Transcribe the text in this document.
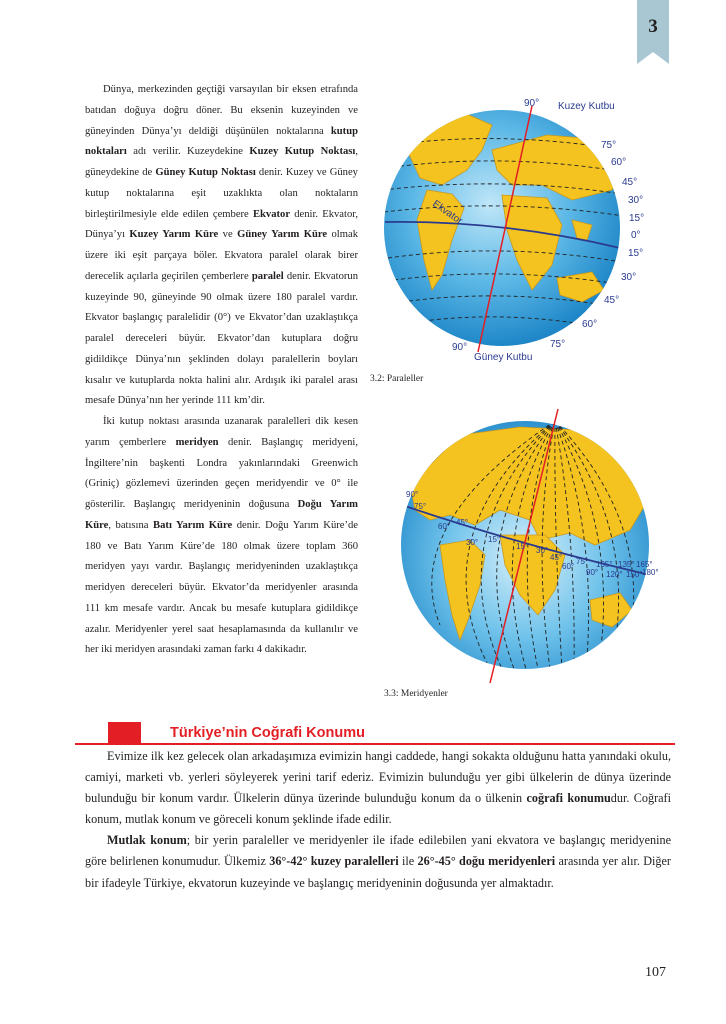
3

Dünya, merkezinden geçtiği varsayılan bir eksen etrafında batıdan doğuya doğru döner. Bu eksenin kuzeyinden ve güneyinden Dünya’yı deldiği düşünülen noktalarına kutup noktaları adı verilir. Kuzeydekine Kuzey Kutup Noktası, güneydekine de Güney Kutup Noktası denir. Kuzey ve Güney kutup noktalarına eşit uzaklıkta olan noktaların birleştirilmesiyle elde edilen çembere Ekvator denir. Ekvator, Dünya’yı Kuzey Yarım Küre ve Güney Yarım Küre olmak üzere iki eşit parçaya böler. Ekvatora paralel olarak birer derecelik açılarla geçirilen çemberlere paralel denir. Ekvatorun kuzeyinde 90, güneyinde 90 olmak üzere 180 paralel vardır. Ekvator başlangıç paralelidir (0°) ve Ekvator’dan uzaklaştıkça paralel dereceleri büyür. Ekvator’dan kutuplara doğru gidildikçe Dünya’nın şeklinden dolayı paralellerin boyları kısalır ve kutuplarda nokta halini alır. Ardışık iki paralel arası mesafe Dünya’nın her yerinde 111 km’dir.

İki kutup noktası arasında uzanarak paralelleri dik kesen yarım çemberlere meridyen denir. Başlangıç meridyeni, İngiltere’nin başkenti Londra yakınlarındaki Greenwich (Griniç) gözlemevi üzerinden geçen meridyendir ve 0° ile gösterilir. Başlangıç meridyeninin doğusuna Doğu Yarım Küre, batısına Batı Yarım Küre denir. Doğu Yarım Küre’de 180 ve Batı Yarım Küre’de 180 olmak üzere toplam 360 meridyen yayı vardır. Başlangıç meridyeninden uzaklaştıkça meridyen dereceleri büyür. Ekvator’da meridyenler arasında 111 km mesafe vardır. Ancak bu mesafe kutuplara gidildikçe azalır. Meridyenler yerel saat hesaplamasında da kullanılır ve her iki meridyen arasındaki zaman farkı 4 dakikadır.

90° Kuzey Kutbu
Ekvator
90°
Güney Kutbu
75°
60°
45°
30°
15°
0°
15°
30°
45°
60°
75°
3.2: Paraleller
90°
75°
60° 45°
30° 15°
15° 30°
45°
60°
75°
90°
105°
120°
135°
150°
165°
180°
3.3: Meridyenler
Türkiye’nin Coğrafi Konumu

Evimize ilk kez gelecek olan arkadaşımıza evimizin hangi caddede, hangi sokakta olduğunu hatta yanındaki okulu, camiyi, marketi vb. yerleri söyleyerek yerini tarif ederiz. Evimizin bulunduğu yer gibi ülkelerin de dünya üzerinde bulunduğu bir konum vardır. Ülkelerin dünya üzerinde bulunduğu konum da o ülkenin coğrafi konumudur. Coğrafi konum, mutlak konum ve göreceli konum şeklinde ifade edilir.

Mutlak konum; bir yerin paraleller ve meridyenler ile ifade edilebilen yani ekvatora ve başlangıç meridyenine göre belirlenen konumudur. Ülkemiz 36°-42° kuzey paralelleri ile 26°-45° doğu meridyenleri arasında yer alır. Diğer bir ifadeyle Türkiye, ekvatorun kuzeyinde ve başlangıç meridyeninin doğusunda yer almaktadır.

107
